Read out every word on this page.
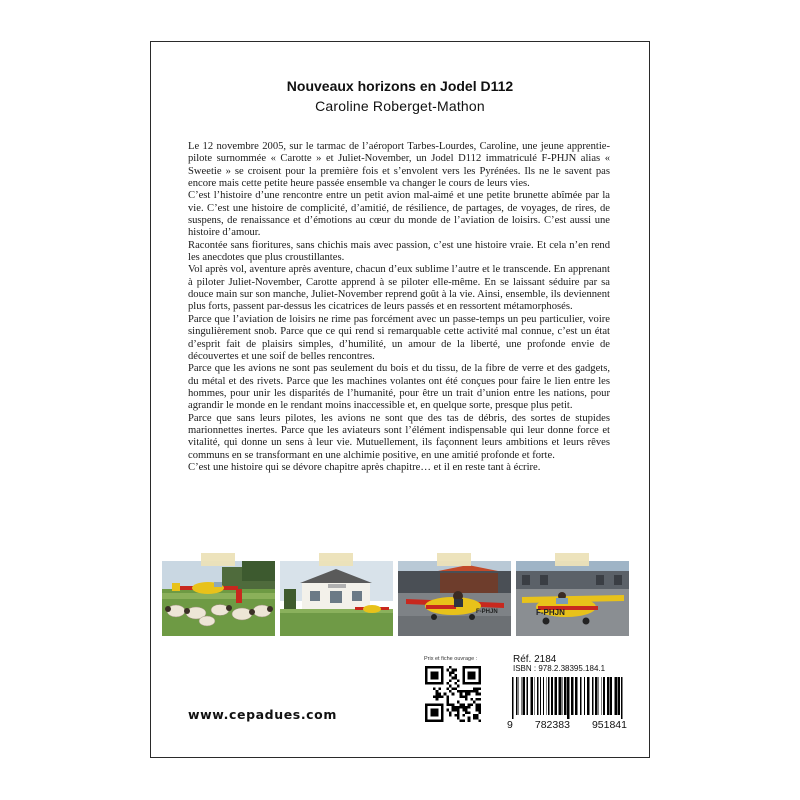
Nouveaux horizons en Jodel D112
Caroline Roberget-Mathon

Le 12 novembre 2005, sur le tarmac de l’aéroport Tarbes-Lourdes, Caroline, une jeune apprentie-pilote surnommée « Carotte » et Juliet-November, un Jodel D112 immatriculé F-PHJN alias « Sweetie » se croisent pour la première fois et s’envolent vers les Pyrénées. Ils ne le savent pas encore mais cette petite heure passée ensemble va changer le cours de leurs vies.

C’est l’histoire d’une rencontre entre un petit avion mal-aimé et une petite brunette abîmée par la vie. C’est une histoire de complicité, d’amitié, de résilience, de partages, de voyages, de rires, de suspens, de renaissance et d’émotions au cœur du monde de l’aviation de loisirs. C’est aussi une histoire d’amour.

Racontée sans fioritures, sans chichis mais avec passion, c’est une histoire vraie. Et cela n’en rend les anecdotes que plus croustillantes.

Vol après vol, aventure après aventure, chacun d’eux sublime l’autre et le transcende. En apprenant à piloter Juliet-November, Carotte apprend à se piloter elle-même. En se laissant séduire par sa douce main sur son manche, Juliet-November reprend goût à la vie. Ainsi, ensemble, ils deviennent plus forts, passent par-dessus les cicatrices de leurs passés et en ressortent métamorphosés.

Parce que l’aviation de loisirs ne rime pas forcément avec un passe-temps un peu particulier, voire singulièrement snob. Parce que ce qui rend si remarquable cette activité mal connue, c’est un état d’esprit fait de plaisirs simples, d’humilité, un amour de la liberté, une profonde envie de découvertes et une soif de belles rencontres.

Parce que les avions ne sont pas seulement du bois et du tissu, de la fibre de verre et des gadgets, du métal et des rivets. Parce que les machines volantes ont été conçues pour faire le lien entre les hommes, pour unir les disparités de l’humanité, pour être un trait d’union entre les nations, pour agrandir le monde en le rendant moins inaccessible et, en quelque sorte, presque plus petit.

Parce que sans leurs pilotes, les avions ne sont que des tas de débris, des sortes de stupides marionnettes inertes. Parce que les aviateurs sont l’élément indispensable qui leur donne force et vitalité, qui donne un sens à leur vie. Mutuellement, ils façonnent leurs ambitions et leurs rêves communs en se transformant en une alchimie positive, en une amitié profonde et forte.

C’est une histoire qui se dévore chapitre après chapitre… et il en reste tant à écrire.

F-PHJN	F-PHJN
Prix et fiche ouvrage :	Réf. 2184
ISBN : 978.2.38395.184.1
9 782383 951841
www.cepadues.com
